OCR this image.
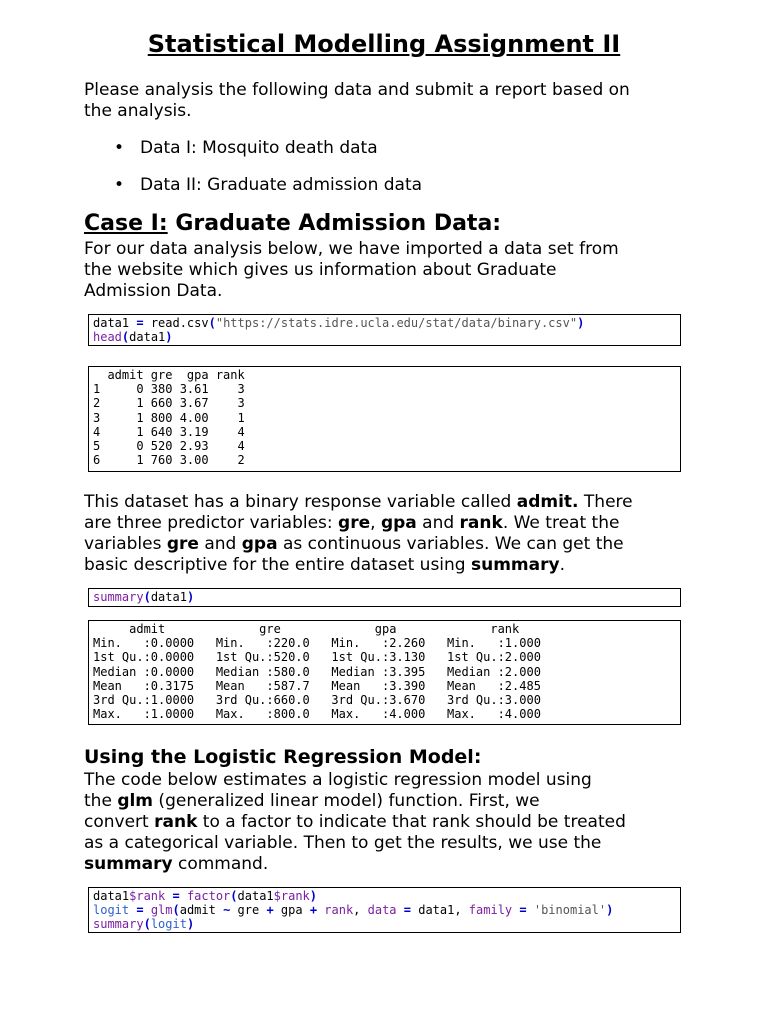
Statistical Modelling Assignment II

Please analysis the following data and submit a report based on
the analysis.

• Data I: Mosquito death data
• Data II: Graduate admission data
Case I: Graduate Admission Data:

For our data analysis below, we have imported a data set from
the website which gives us information about Graduate
Admission Data.

data1 = read.csv("https://stats.idre.ucla.edu/stat/data/binary.csv")
head(data1)
admit gre  gpa rank
1     0 380 3.61    3
2     1 660 3.67    3
3     1 800 4.00    1
4     1 640 3.19    4
5     0 520 2.93    4
6     1 760 3.00    2

This dataset has a binary response variable called admit. There
are three predictor variables: gre, gpa and rank. We treat the
variables gre and gpa as continuous variables. We can get the
basic descriptive for the entire dataset using summary.

summary(data1)
admit             gre             gpa             rank
Min.   :0.0000   Min.   :220.0   Min.   :2.260   Min.   :1.000
1st Qu.:0.0000   1st Qu.:520.0   1st Qu.:3.130   1st Qu.:2.000
Median :0.0000   Median :580.0   Median :3.395   Median :2.000
Mean   :0.3175   Mean   :587.7   Mean   :3.390   Mean   :2.485
3rd Qu.:1.0000   3rd Qu.:660.0   3rd Qu.:3.670   3rd Qu.:3.000
Max.   :1.0000   Max.   :800.0   Max.   :4.000   Max.   :4.000
Using the Logistic Regression Model:

The code below estimates a logistic regression model using
the glm (generalized linear model) function. First, we
convert rank to a factor to indicate that rank should be treated
as a categorical variable. Then to get the results, we use the
summary command.

data1$rank = factor(data1$rank)
logit = glm(admit ~ gre + gpa + rank, data = data1, family = 'binomial')
summary(logit)
